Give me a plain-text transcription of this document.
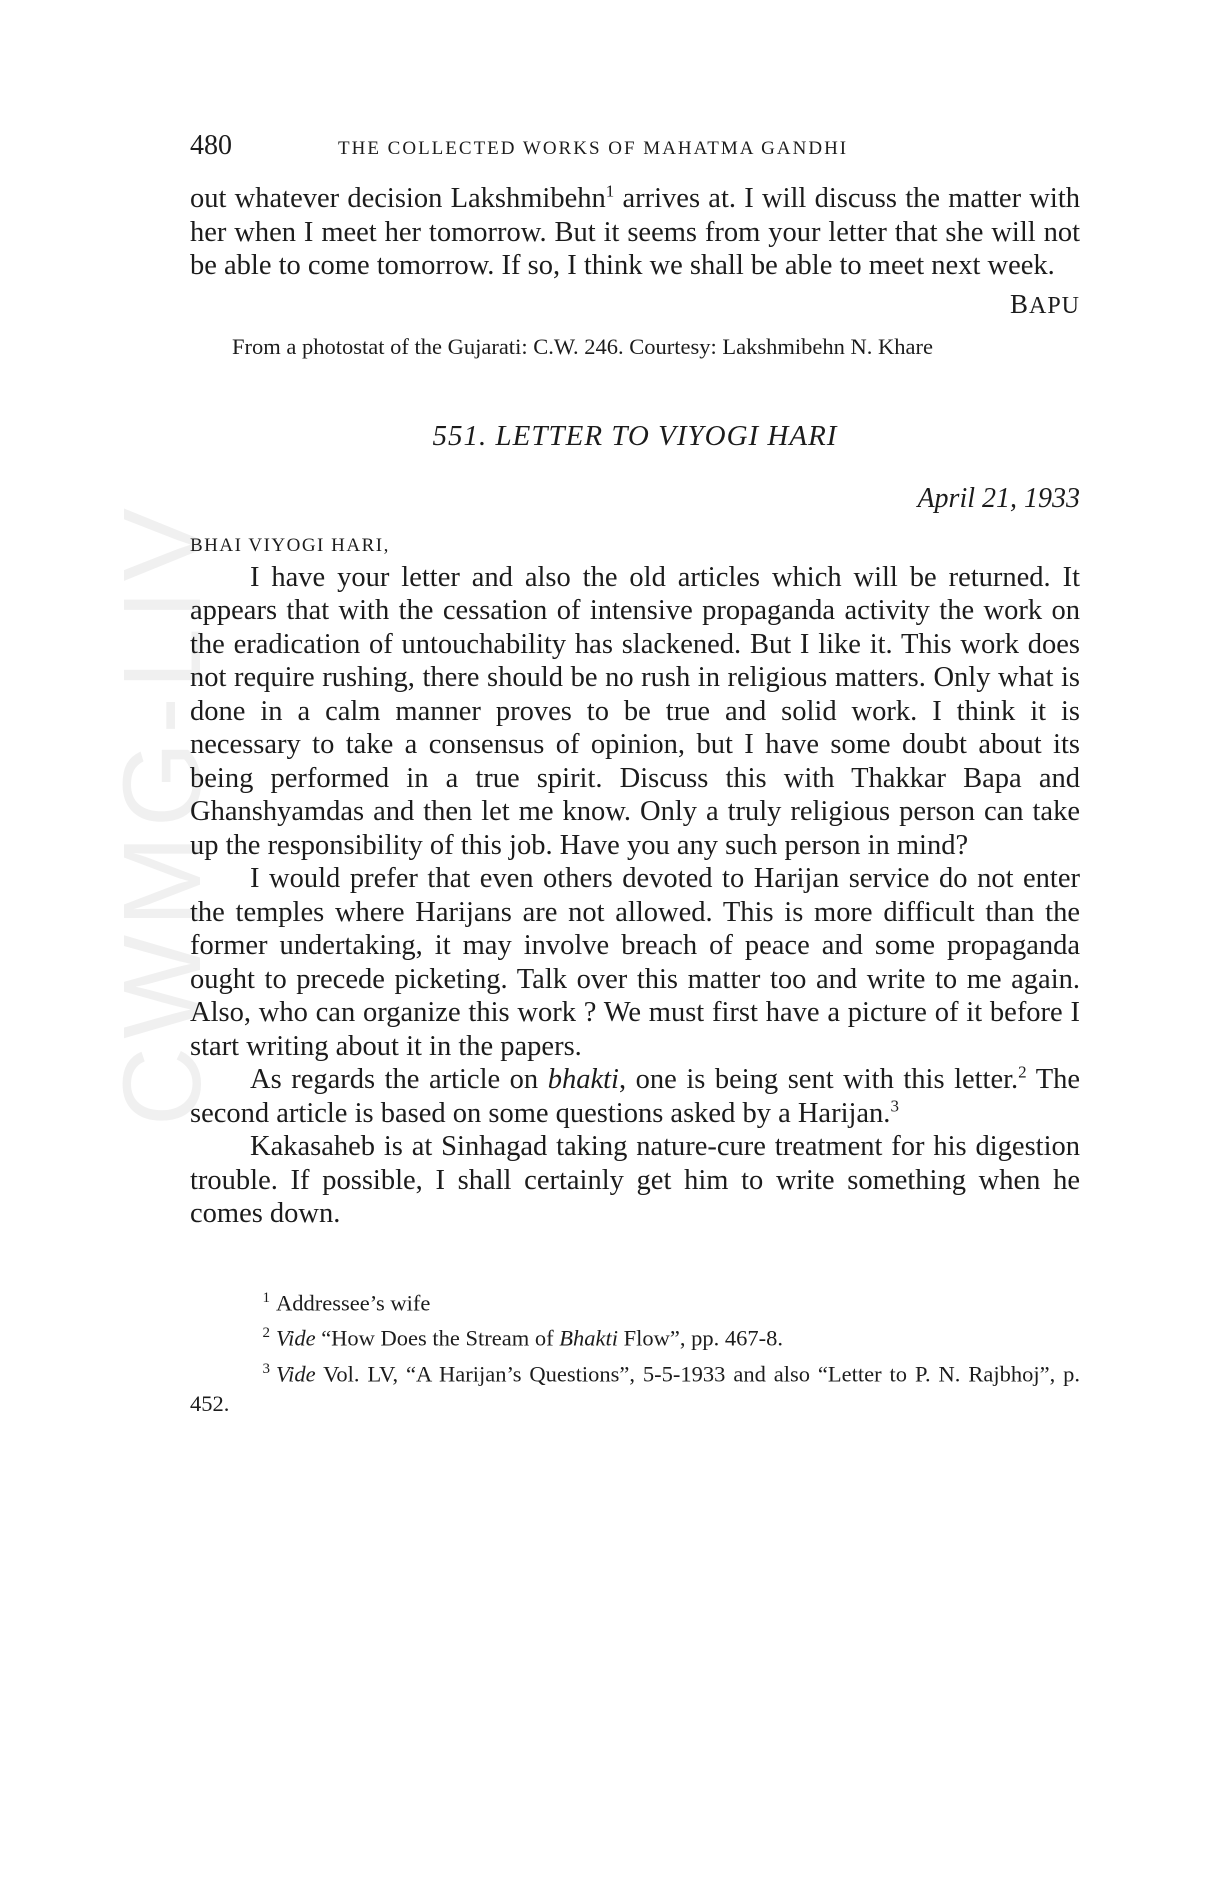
CWMG-LIV
480	THE COLLECTED WORKS OF MAHATMA GANDHI

out whatever decision Lakshmibehn$^1$ arrives at. I will discuss the matter with her when I meet her tomorrow. But it seems from your letter that she will not be able to come tomorrow. If so, I think we shall be able to meet next week.

BAPU
From a photostat of the Gujarati: C.W. 246. Courtesy: Lakshmibehn N. Khare
551. LETTER TO VIYOGI HARI
April 21, 1933
BHAI VIYOGI HARI,

I have your letter and also the old articles which will be returned. It appears that with the cessation of intensive propaganda activity the work on the eradication of untouchability has slackened. But I like it. This work does not require rushing, there should be no rush in religious matters. Only what is done in a calm manner proves to be true and solid work. I think it is necessary to take a consensus of opinion, but I have some doubt about its being performed in a true spirit. Discuss this with Thakkar Bapa and Ghanshyamdas and then let me know. Only a truly religious person can take up the responsibility of this job. Have you any such person in mind?

I would prefer that even others devoted to Harijan service do not enter the temples where Harijans are not allowed. This is more difficult than the former undertaking, it may involve breach of peace and some propaganda ought to precede picketing. Talk over this matter too and write to me again. Also, who can organize this work ? We must first have a picture of it before I start writing about it in the papers.

As regards the article on bhakti, one is being sent with this letter.$^2$ The second article is based on some questions asked by a Harijan.$^3$

Kakasaheb is at Sinhagad taking nature-cure treatment for his digestion trouble. If possible, I shall certainly get him to write something when he comes down.

$^1$ Addressee’s wife

$^2$ Vide “How Does the Stream of Bhakti Flow”, pp. 467-8.

$^3$ Vide Vol. LV, “A Harijan’s Questions”, 5-5-1933 and also “Letter to P. N. Rajbhoj”, p. 452.
